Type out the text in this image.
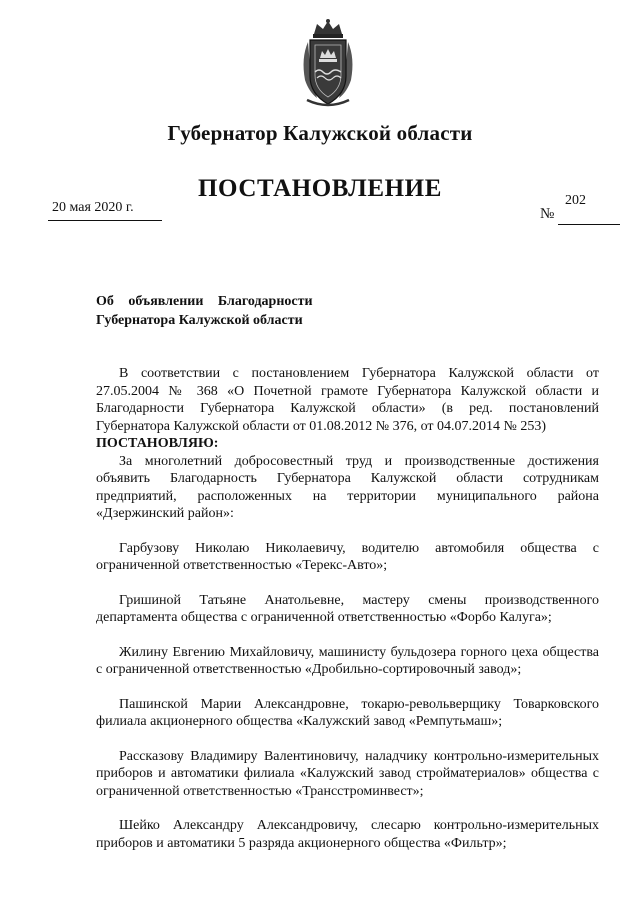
Губернатор Калужской области
ПОСТАНОВЛЕНИЕ
20 мая 2020 г.	№
202
Об объявлении Благодарности
Губернатора Калужской области

В соответствии с постановлением Губернатора Калужской области от 27.05.2004 № 368 «О Почетной грамоте Губернатора Калужской области и Благодарности Губернатора Калужской области» (в ред. постановлений Губернатора Калужской области от 01.08.2012 № 376, от 04.07.2014 № 253)

ПОСТАНОВЛЯЮ:

За многолетний добросовестный труд и производственные достижения объявить Благодарность Губернатора Калужской области сотрудникам предприятий, расположенных на территории муниципального района «Дзержинский район»:

Гарбузову Николаю Николаевичу, водителю автомобиля общества с ограниченной ответственностью «Терекс-Авто»;

Гришиной Татьяне Анатольевне, мастеру смены производственного департамента общества с ограниченной ответственностью «Форбо Калуга»;

Жилину Евгению Михайловичу, машинисту бульдозера горного цеха общества с ограниченной ответственностью «Дробильно-сортировочный завод»;

Пашинской Марии Александровне, токарю-револьверщику Товарковского филиала акционерного общества «Калужский завод «Ремпутьмаш»;

Рассказову Владимиру Валентиновичу, наладчику контрольно-измерительных приборов и автоматики филиала «Калужский завод стройматериалов» общества с ограниченной ответственностью «Трансстроминвест»;

Шейко Александру Александровичу, слесарю контрольно-измерительных приборов и автоматики 5 разряда акционерного общества «Фильтр»;
